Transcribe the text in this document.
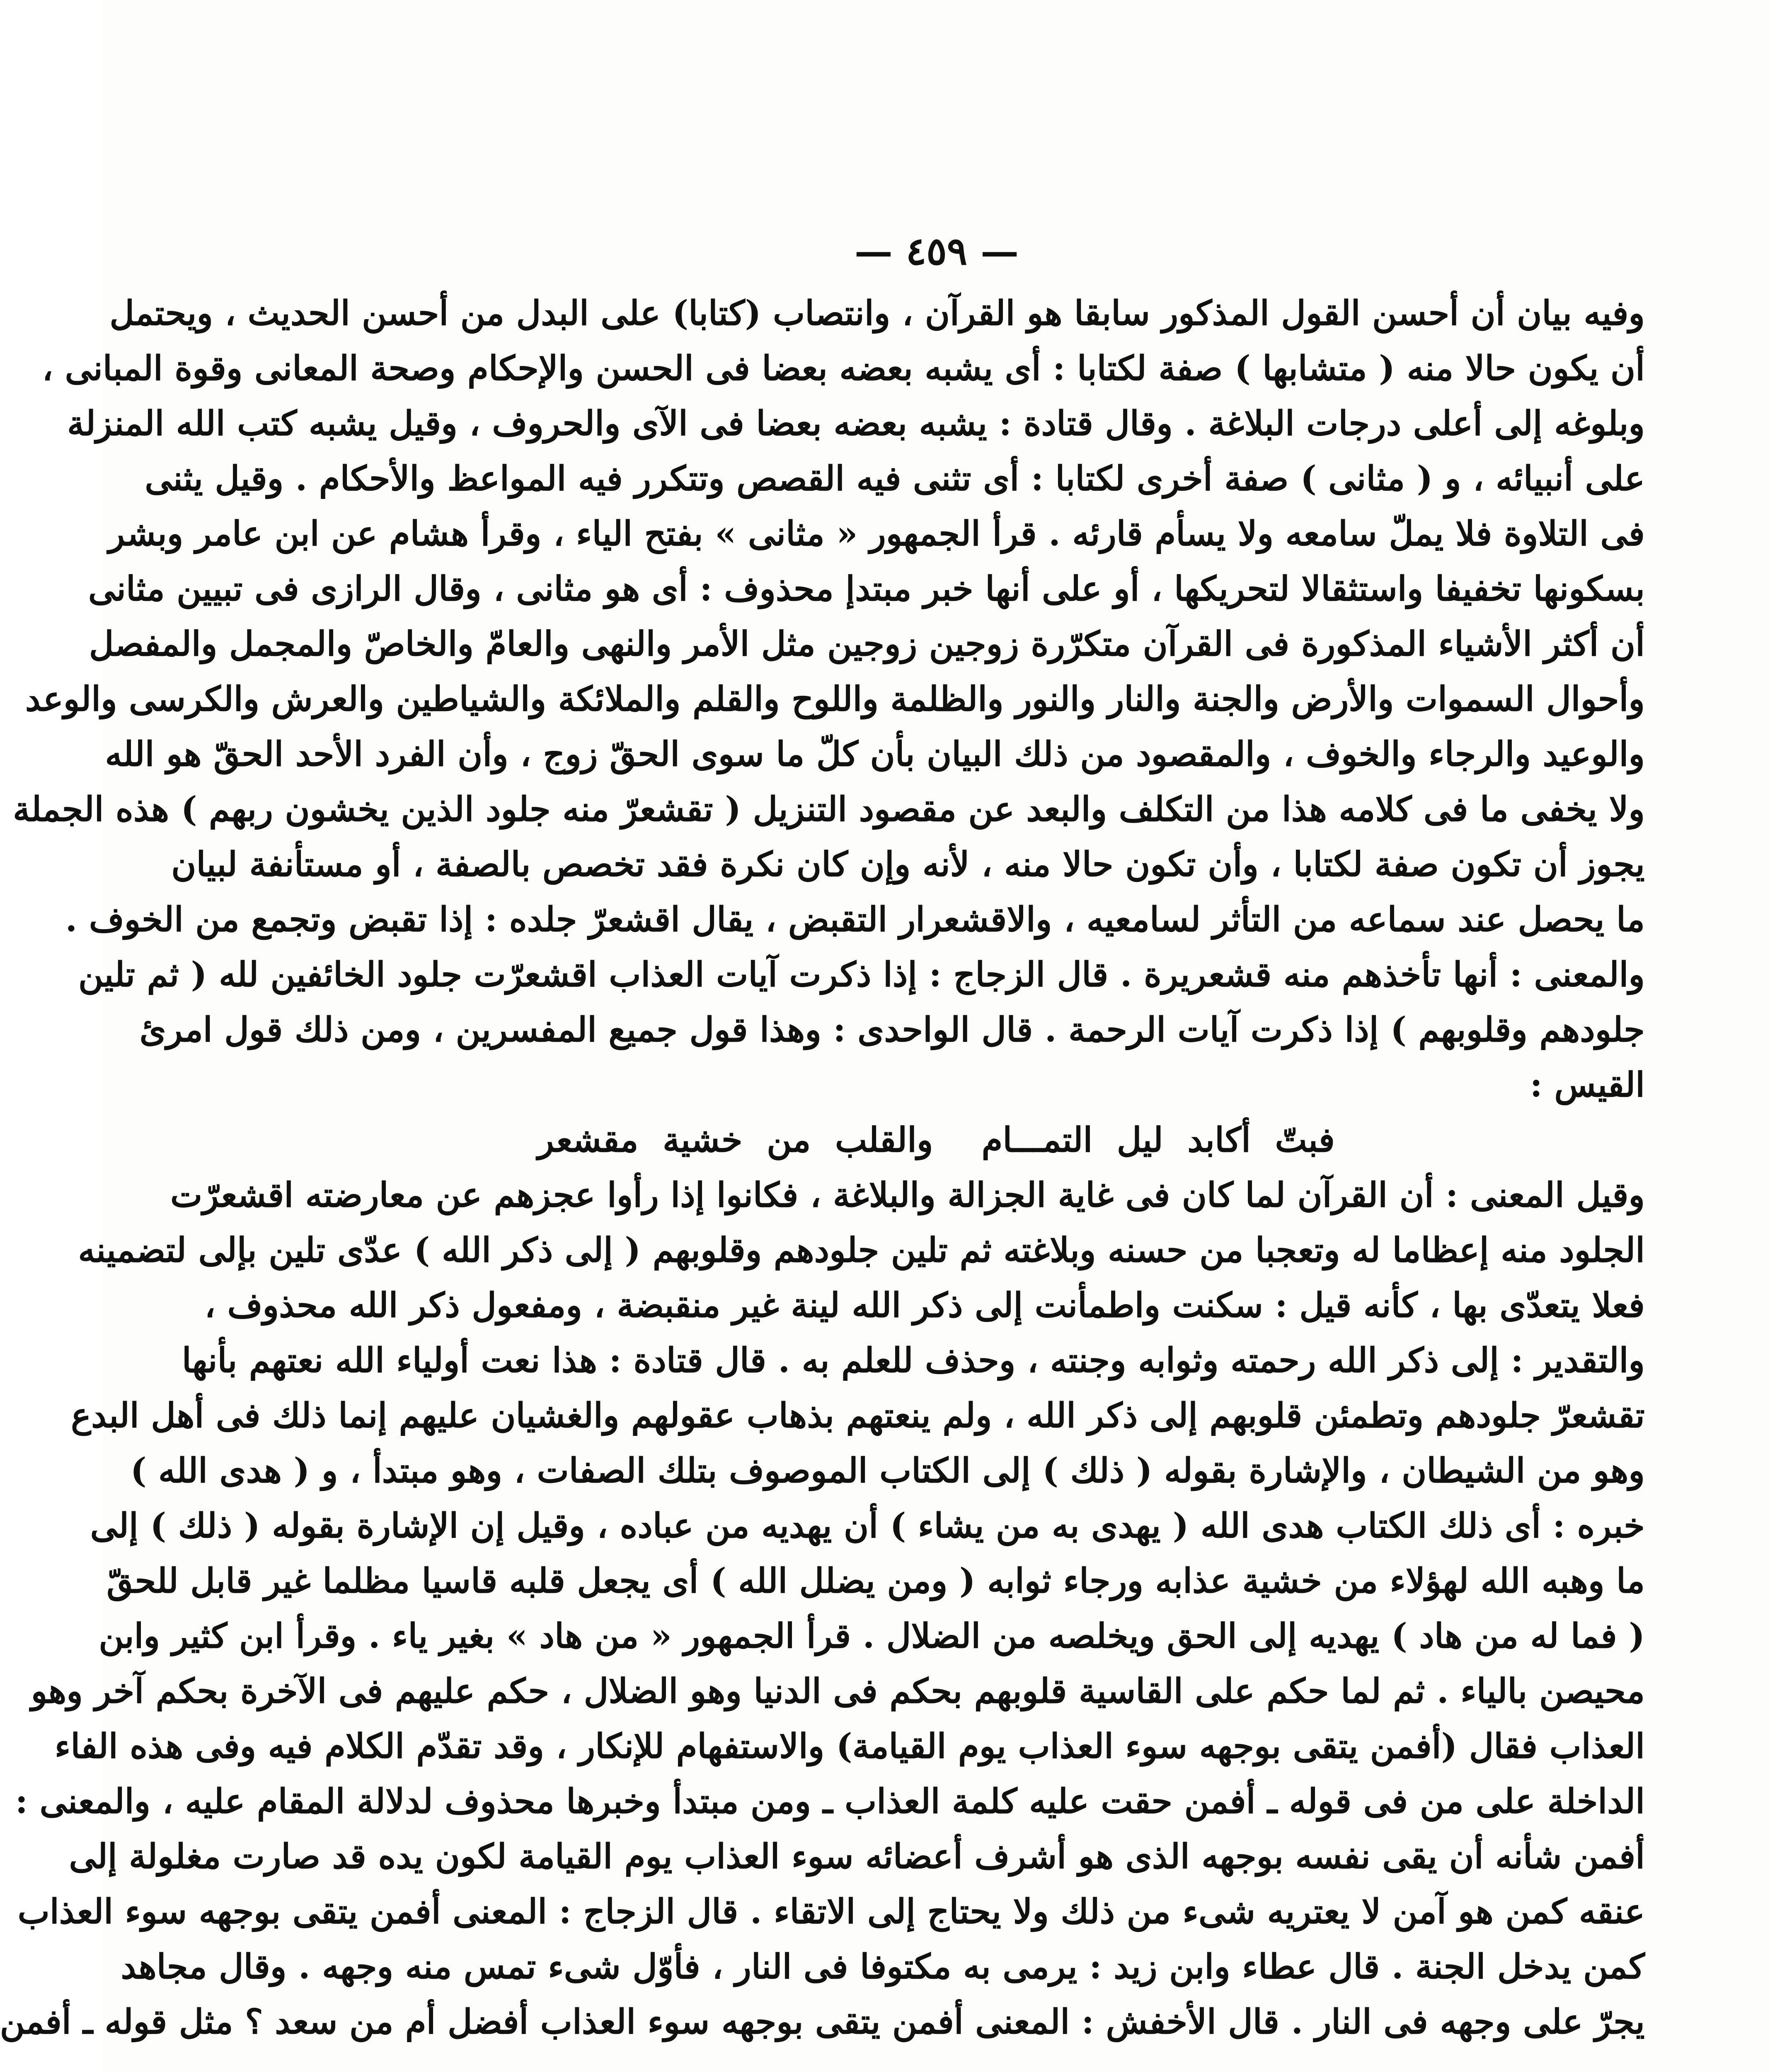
— ٤٥٩ —
وفيه بيان أن أحسن القول المذكور سابقا هو القرآن ، وانتصاب (كتابا) على البدل من أحسن الحديث ، ويحتمل
أن يكون حالا منه ( متشابها ) صفة لكتابا : أى يشبه بعضه بعضا فى الحسن والإحكام وصحة المعانى وقوة المبانى ،
وبلوغه إلى أعلى درجات البلاغة . وقال قتادة : يشبه بعضه بعضا فى الآى والحروف ، وقيل يشبه كتب الله المنزلة
على أنبيائه ، و ( مثانى ) صفة أخرى لكتابا : أى تثنى فيه القصص وتتكرر فيه المواعظ والأحكام . وقيل يثنى
فى التلاوة فلا يملّ سامعه ولا يسأم قارئه . قرأ الجمهور « مثانى » بفتح الياء ، وقرأ هشام عن ابن عامر وبشر
بسكونها تخفيفا واستثقالا لتحريكها ، أو على أنها خبر مبتدإ محذوف : أى هو مثانى ، وقال الرازى فى تبيين مثانى
أن أكثر الأشياء المذكورة فى القرآن متكرّرة زوجين زوجين مثل الأمر والنهى والعامّ والخاصّ والمجمل والمفصل
وأحوال السموات والأرض والجنة والنار والنور والظلمة واللوح والقلم والملائكة والشياطين والعرش والكرسى والوعد
والوعيد والرجاء والخوف ، والمقصود من ذلك البيان بأن كلّ ما سوى الحقّ زوج ، وأن الفرد الأحد الحقّ هو الله
ولا يخفى ما فى كلامه هذا من التكلف والبعد عن مقصود التنزيل ( تقشعرّ منه جلود الذين يخشون ربهم ) هذه الجملة
يجوز أن تكون صفة لكتابا ، وأن تكون حالا منه ، لأنه وإن كان نكرة فقد تخصص بالصفة ، أو مستأنفة لبيان
ما يحصل عند سماعه من التأثر لسامعيه ، والاقشعرار التقبض ، يقال اقشعرّ جلده : إذا تقبض وتجمع من الخوف .
والمعنى : أنها تأخذهم منه قشعريرة . قال الزجاج : إذا ذكرت آيات العذاب اقشعرّت جلود الخائفين لله ( ثم تلين
جلودهم وقلوبهم ) إذا ذكرت آيات الرحمة . قال الواحدى : وهذا قول جميع المفسرين ، ومن ذلك قول امرئ
القيس :
فبتّ أكابد ليل التمـــام ‏ والقلب من خشية مقشعر
وقيل المعنى : أن القرآن لما كان فى غاية الجزالة والبلاغة ، فكانوا إذا رأوا عجزهم عن معارضته اقشعرّت
الجلود منه إعظاما له وتعجبا من حسنه وبلاغته ثم تلين جلودهم وقلوبهم ( إلى ذكر الله ) عدّى تلين بإلى لتضمينه
فعلا يتعدّى بها ، كأنه قيل : سكنت واطمأنت إلى ذكر الله لينة غير منقبضة ، ومفعول ذكر الله محذوف ،
والتقدير : إلى ذكر الله رحمته وثوابه وجنته ، وحذف للعلم به . قال قتادة : هذا نعت أولياء الله نعتهم بأنها
تقشعرّ جلودهم وتطمئن قلوبهم إلى ذكر الله ، ولم ينعتهم بذهاب عقولهم والغشيان عليهم إنما ذلك فى أهل البدع
وهو من الشيطان ، والإشارة بقوله ( ذلك ) إلى الكتاب الموصوف بتلك الصفات ، وهو مبتدأ ، و ( هدى الله )
خبره : أى ذلك الكتاب هدى الله ( يهدى به من يشاء ) أن يهديه من عباده ، وقيل إن الإشارة بقوله ( ذلك ) إلى
ما وهبه الله لهؤلاء من خشية عذابه ورجاء ثوابه ( ومن يضلل الله ) أى يجعل قلبه قاسيا مظلما غير قابل للحقّ
( فما له من هاد ) يهديه إلى الحق ويخلصه من الضلال . قرأ الجمهور « من هاد » بغير ياء . وقرأ ابن كثير وابن
محيصن بالياء . ثم لما حكم على القاسية قلوبهم بحكم فى الدنيا وهو الضلال ، حكم عليهم فى الآخرة بحكم آخر وهو
العذاب فقال (أفمن يتقى بوجهه سوء العذاب يوم القيامة) والاستفهام للإنكار ، وقد تقدّم الكلام فيه وفى هذه الفاء
الداخلة على من فى قوله ـ أفمن حقت عليه كلمة العذاب ـ ومن مبتدأ وخبرها محذوف لدلالة المقام عليه ، والمعنى :
أفمن شأنه أن يقى نفسه بوجهه الذى هو أشرف أعضائه سوء العذاب يوم القيامة لكون يده قد صارت مغلولة إلى
عنقه كمن هو آمن لا يعتريه شىء من ذلك ولا يحتاج إلى الاتقاء . قال الزجاج : المعنى أفمن يتقى بوجهه سوء العذاب
كمن يدخل الجنة . قال عطاء وابن زيد : يرمى به مكتوفا فى النار ، فأوّل شىء تمس منه وجهه . وقال مجاهد
يجرّ على وجهه فى النار . قال الأخفش : المعنى أفمن يتقى بوجهه سوء العذاب أفضل أم من سعد ؟ مثل قوله ـ أفمن
